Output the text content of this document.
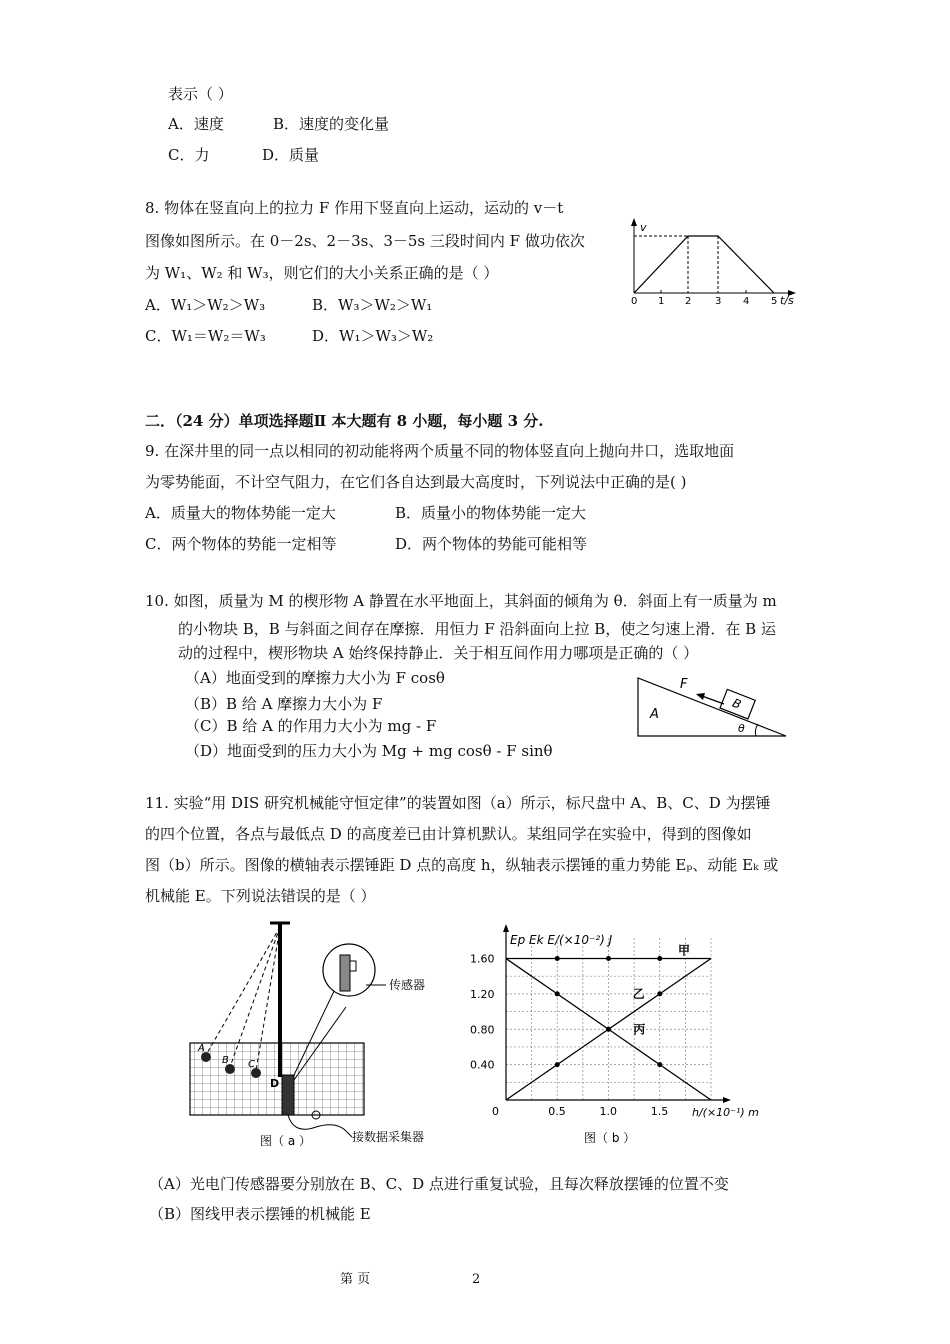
表示（ ）
A．速度	B．速度的变化量
C．力	D．质量
8. 物体在竖直向上的拉力 F 作用下竖直向上运动，运动的 v－t
图像如图所示。在 0－2s、2－3s、3－5s 三段时间内 F 做功依次
为 W₁、W₂ 和 W₃，则它们的大小关系正确的是（ ）
A．W₁＞W₂＞W₃	B．W₃＞W₂＞W₁
C．W₁＝W₂＝W₃	D．W₁＞W₃＞W₂
v
t/s
0 1 2 3 4 5
二．（24 分）单项选择题Ⅱ 本大题有 8 小题，每小题 3 分.
9. 在深井里的同一点以相同的初动能将两个质量不同的物体竖直向上抛向井口，选取地面
为零势能面，不计空气阻力，在它们各自达到最大高度时，下列说法中正确的是( )
A．质量大的物体势能一定大	B．质量小的物体势能一定大
C．两个物体的势能一定相等	D．两个物体的势能可能相等
10. 如图，质量为 M 的楔形物 A 静置在水平地面上，其斜面的倾角为 θ．斜面上有一质量为 m
的小物块 B，B 与斜面之间存在摩擦．用恒力 F 沿斜面向上拉 B，使之匀速上滑．在 B 运
动的过程中，楔形物块 A 始终保持静止．关于相互间作用力哪项是正确的（ ）
（A）地面受到的摩擦力大小为 F cosθ
（B）B 给 A 摩擦力大小为 F
（C）B 给 A 的作用力大小为 mg - F
（D）地面受到的压力大小为 Mg + mg cosθ - F sinθ
B
F
A
θ
11. 实验“用 DIS 研究机械能守恒定律”的装置如图（a）所示，标尺盘中 A、B、C、D 为摆锤
的四个位置，各点与最低点 D 的高度差已由计算机默认。某组同学在实验中，得到的图像如
图（b）所示。图像的横轴表示摆锤距 D 点的高度 h，纵轴表示摆锤的重力势能 Eₚ、动能 Eₖ 或
机械能 E。下列说法错误的是（ ）
A
B C
D
传感器
接数据采集器
图（ a ）
Ep Ek E/(×10⁻²) J
h/(×10⁻¹) m
图（ b ）
0	0.5	1.0	1.5
0.40
0.80
1.20
1.60
甲
乙
丙
（A）光电门传感器要分别放在 B、C、D 点进行重复试验，且每次释放摆锤的位置不变
（B）图线甲表示摆锤的机械能 E
第 页	2
